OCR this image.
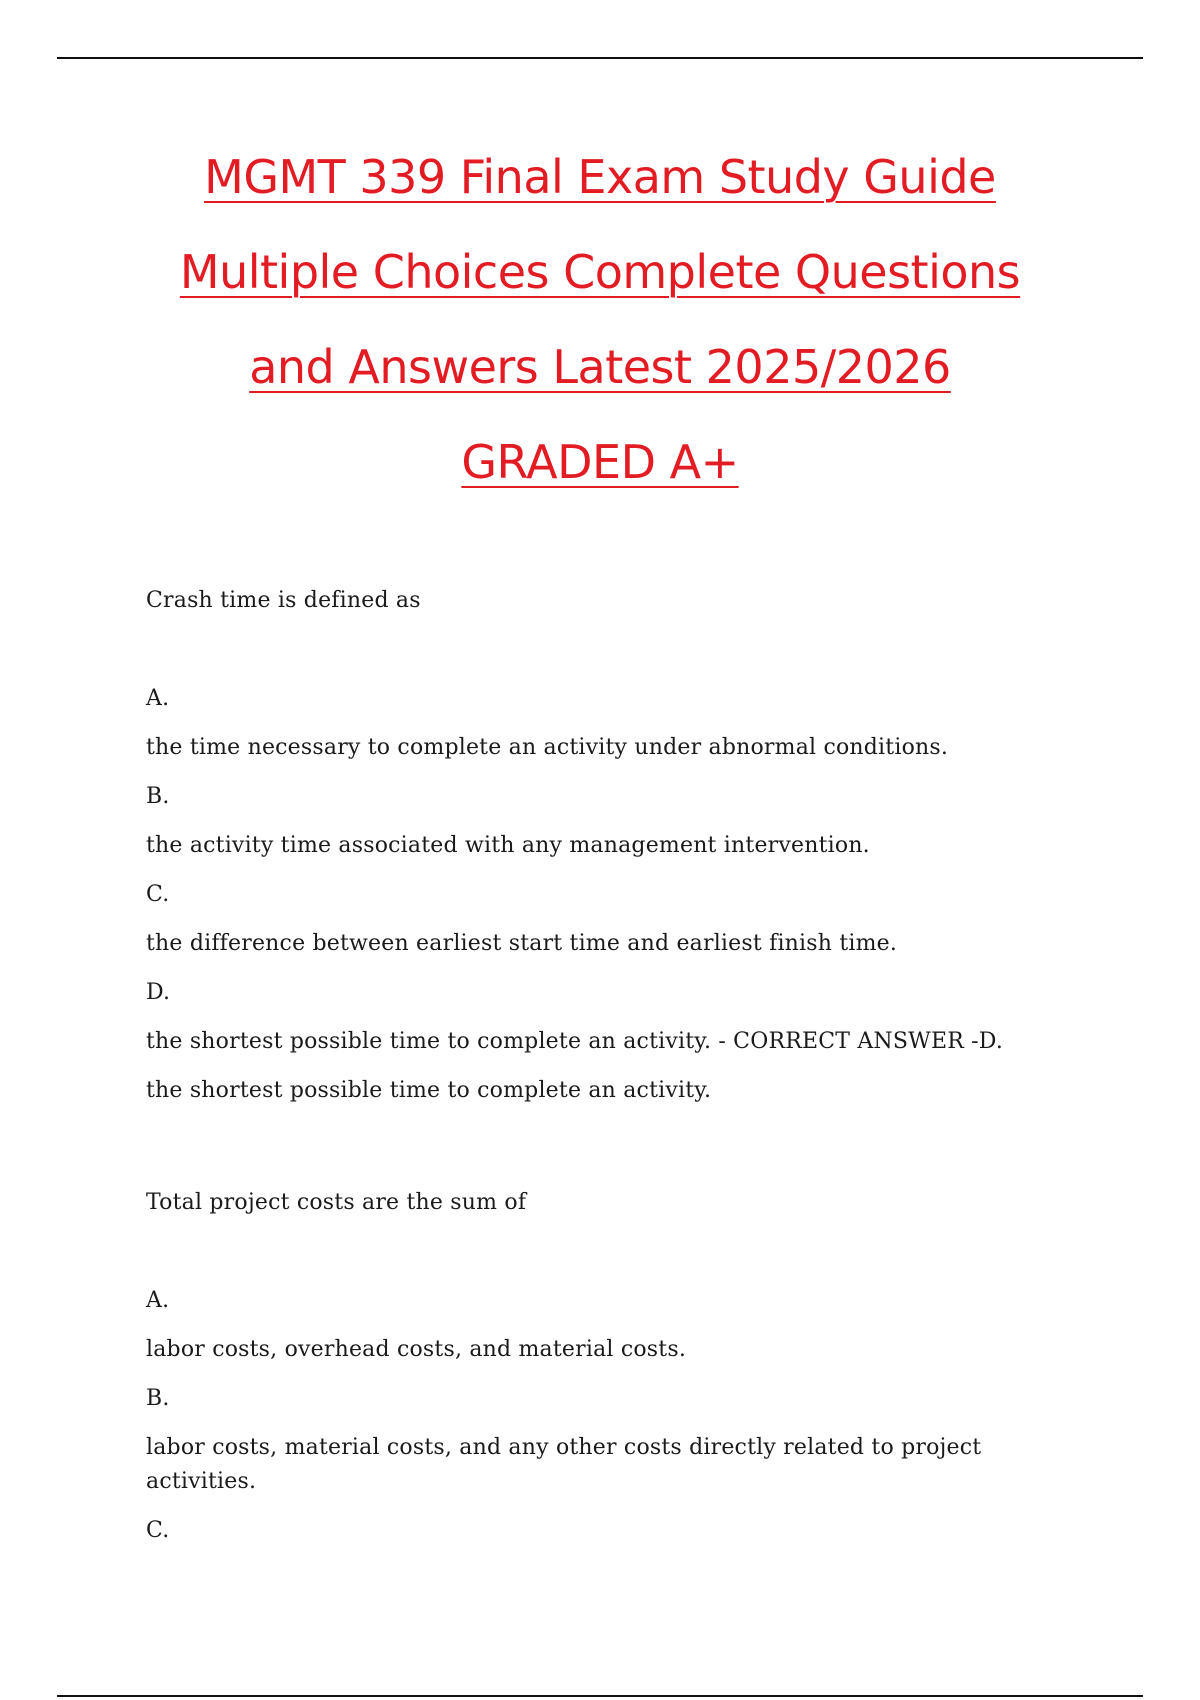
MGMT 339 Final Exam Study Guide
Multiple Choices Complete Questions
and Answers Latest 2025/2026
GRADED A+

Crash time is defined as

A.

the time necessary to complete an activity under abnormal conditions.

B.

the activity time associated with any management intervention.

C.

the difference between earliest start time and earliest finish time.

D.

the shortest possible time to complete an activity. - CORRECT ANSWER -D.

the shortest possible time to complete an activity.

Total project costs are the sum of

A.

labor costs, overhead costs, and material costs.

B.

labor costs, material costs, and any other costs directly related to project activities.

C.
